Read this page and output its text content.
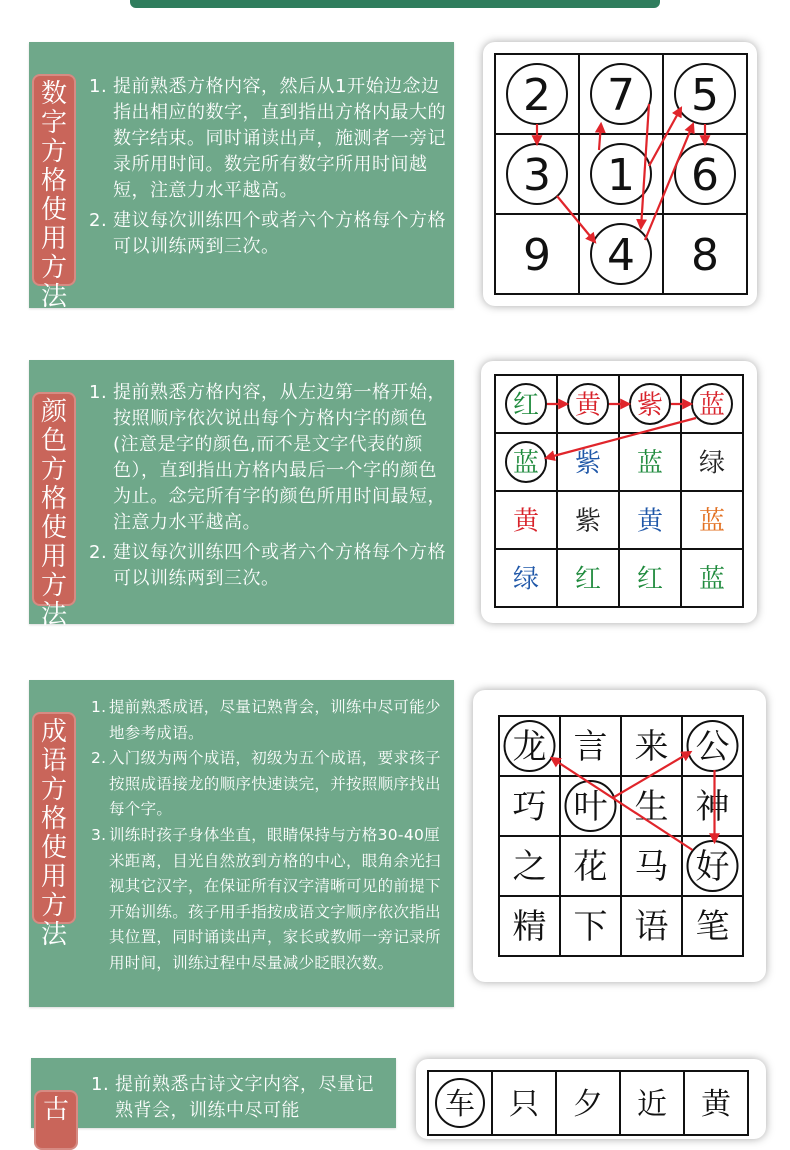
数字方格使用方法
1. 提前熟悉方格内容，然后从1开始边念边指出相应的数字，直到指出方格内最大的数字结束。同时诵读出声，施测者一旁记录所用时间。数完所有数字所用时间越短，注意力水平越高。
2. 建议每次训练四个或者六个方格每个方格可以训练两到三次。
2 7 5
3 1 6
9 4 8
颜色方格使用方法
1. 提前熟悉方格内容，从左边第一格开始，按照顺序依次说出每个方格内字的颜色(注意是字的颜色,而不是文字代表的颜色），直到指出方格内最后一个字的颜色为止。念完所有字的颜色所用时间最短，注意力水平越高。
2. 建议每次训练四个或者六个方格每个方格可以训练两到三次。
红 黄 紫 蓝
蓝 紫 蓝 绿
黄 紫 黄 蓝
绿 红 红 蓝
成语方格使用方法
1. 提前熟悉成语，尽量记熟背会，训练中尽可能少地参考成语。
2. 入门级为两个成语，初级为五个成语，要求孩子按照成语接龙的顺序快速读完，并按照顺序找出每个字。
3. 训练时孩子身体坐直，眼睛保持与方格30-40厘米距离，目光自然放到方格的中心，眼角余光扫视其它汉字，在保证所有汉字清晰可见的前提下开始训练。孩子用手指按成语文字顺序依次指出其位置，同时诵读出声，家长或教师一旁记录所用时间，训练过程中尽量减少眨眼次数。
龙 言 来 公
巧 叶 生 神
之 花 马 好
精 下 语 笔
古
1. 提前熟悉古诗文字内容，尽量记熟背会，训练中尽可能	车 只 夕 近 黄
